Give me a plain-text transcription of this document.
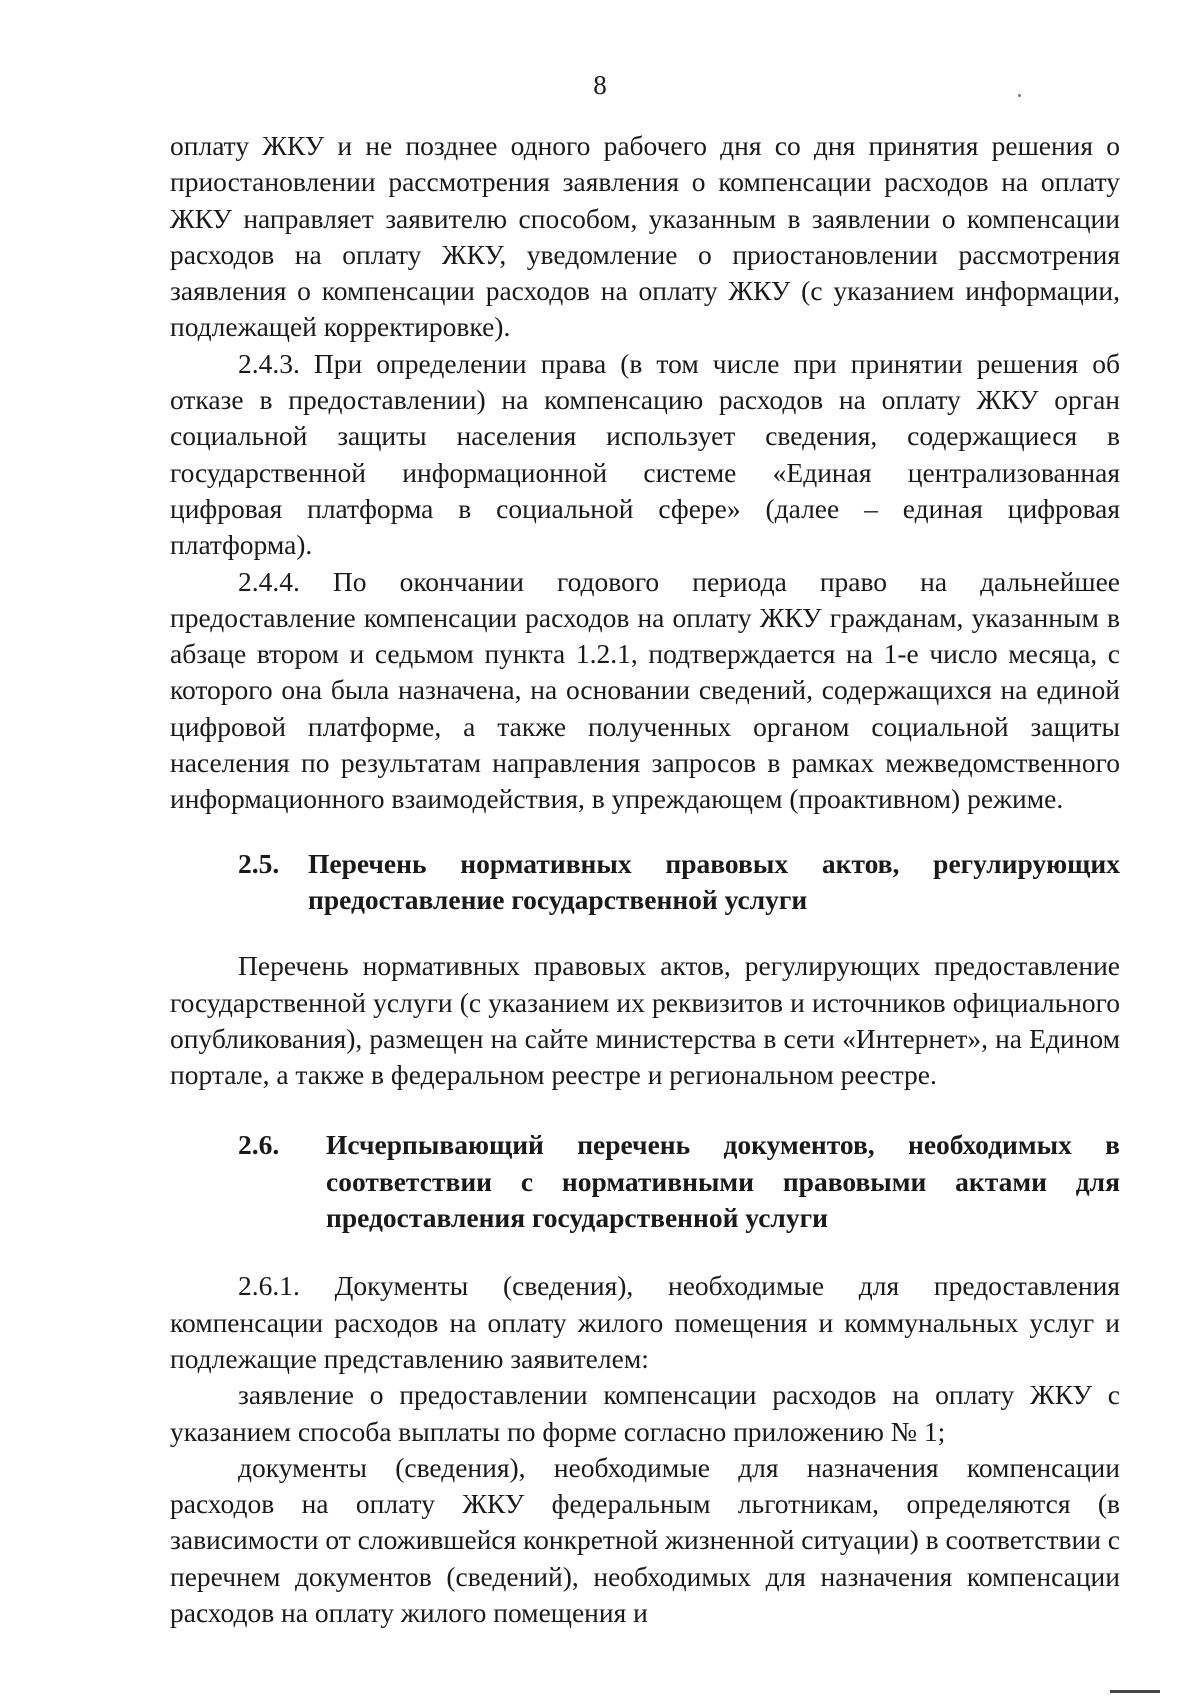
8

оплату ЖКУ и не позднее одного рабочего дня со дня принятия решения о приостановлении рассмотрения заявления о компенсации расходов на оплату ЖКУ направляет заявителю способом, указанным в заявлении о компенсации расходов на оплату ЖКУ, уведомление о приостановлении рассмотрения заявления о компенсации расходов на оплату ЖКУ (с указанием информации, подлежащей корректировке).

2.4.3. При определении права (в том числе при принятии решения об отказе в предоставлении) на компенсацию расходов на оплату ЖКУ орган социальной защиты населения использует сведения, содержащиеся в государственной информационной системе «Единая централизованная цифровая платформа в социальной сфере» (далее – единая цифровая платформа).

2.4.4. По окончании годового периода право на дальнейшее предоставление компенсации расходов на оплату ЖКУ гражданам, указанным в абзаце втором и седьмом пункта 1.2.1, подтверждается на 1-е число месяца, с которого она была назначена, на основании сведений, содержащихся на единой цифровой платформе, а также полученных органом социальной защиты населения по результатам направления запросов в рамках межведомственного информационного взаимодействия, в упреждающем (проактивном) режиме.

2.5.	Перечень нормативных правовых актов, регулирующих предоставление государственной услуги

Перечень нормативных правовых актов, регулирующих предоставление государственной услуги (с указанием их реквизитов и источников официального опубликования), размещен на сайте министерства в сети «Интернет», на Едином портале, а также в федеральном реестре и региональном реестре.

2.6.	Исчерпывающий перечень документов, необходимых в соответствии с нормативными правовыми актами для предоставления государственной услуги

2.6.1. Документы (сведения), необходимые для предоставления компенсации расходов на оплату жилого помещения и коммунальных услуг и подлежащие представлению заявителем:

заявление о предоставлении компенсации расходов на оплату ЖКУ с указанием способа выплаты по форме согласно приложению № 1;

документы (сведения), необходимые для назначения компенсации расходов на оплату ЖКУ федеральным льготникам, определяются (в зависимости от сложившейся конкретной жизненной ситуации) в соответствии с перечнем документов (сведений), необходимых для назначения компенсации расходов на оплату жилого помещения и
